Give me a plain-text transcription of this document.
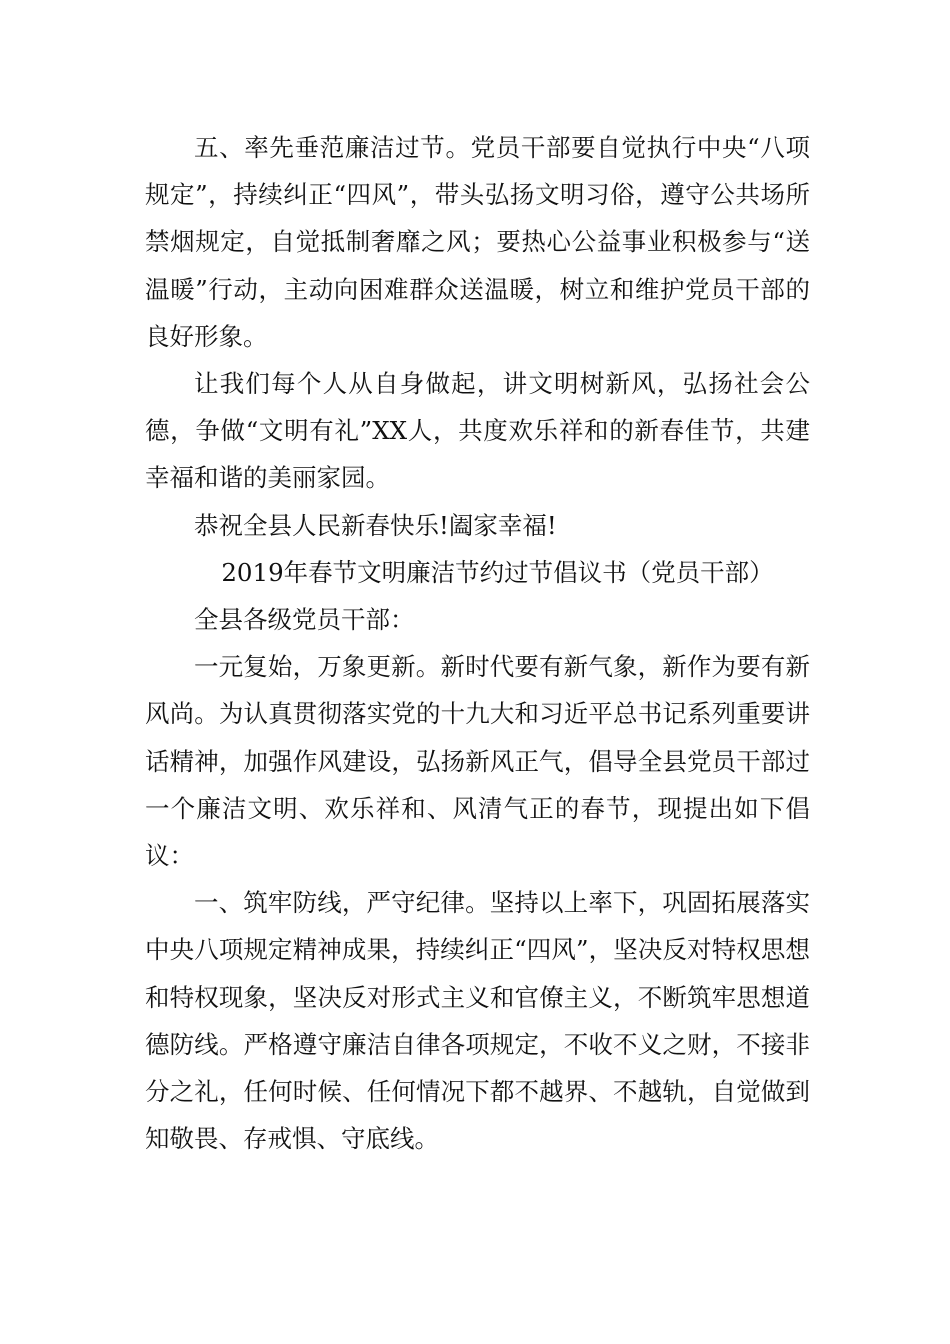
五、率先垂范廉洁过节。党员干部要自觉执行中央“八项规定”，持续纠正“四风”，带头弘扬文明习俗，遵守公共场所禁烟规定，自觉抵制奢靡之风；要热心公益事业积极参与“送温暖”行动，主动向困难群众送温暖，树立和维护党员干部的良好形象。

让我们每个人从自身做起，讲文明树新风，弘扬社会公德，争做“文明有礼”XX人，共度欢乐祥和的新春佳节，共建幸福和谐的美丽家园。

恭祝全县人民新春快乐!阖家幸福!

2019年春节文明廉洁节约过节倡议书（党员干部）

全县各级党员干部：

一元复始，万象更新。新时代要有新气象，新作为要有新风尚。为认真贯彻落实党的十九大和习近平总书记系列重要讲话精神，加强作风建设，弘扬新风正气，倡导全县党员干部过一个廉洁文明、欢乐祥和、风清气正的春节，现提出如下倡议：

一、筑牢防线，严守纪律。坚持以上率下，巩固拓展落实中央八项规定精神成果，持续纠正“四风”，坚决反对特权思想和特权现象，坚决反对形式主义和官僚主义，不断筑牢思想道德防线。严格遵守廉洁自律各项规定，不收不义之财，不接非分之礼，任何时候、任何情况下都不越界、不越轨，自觉做到知敬畏、存戒惧、守底线。
